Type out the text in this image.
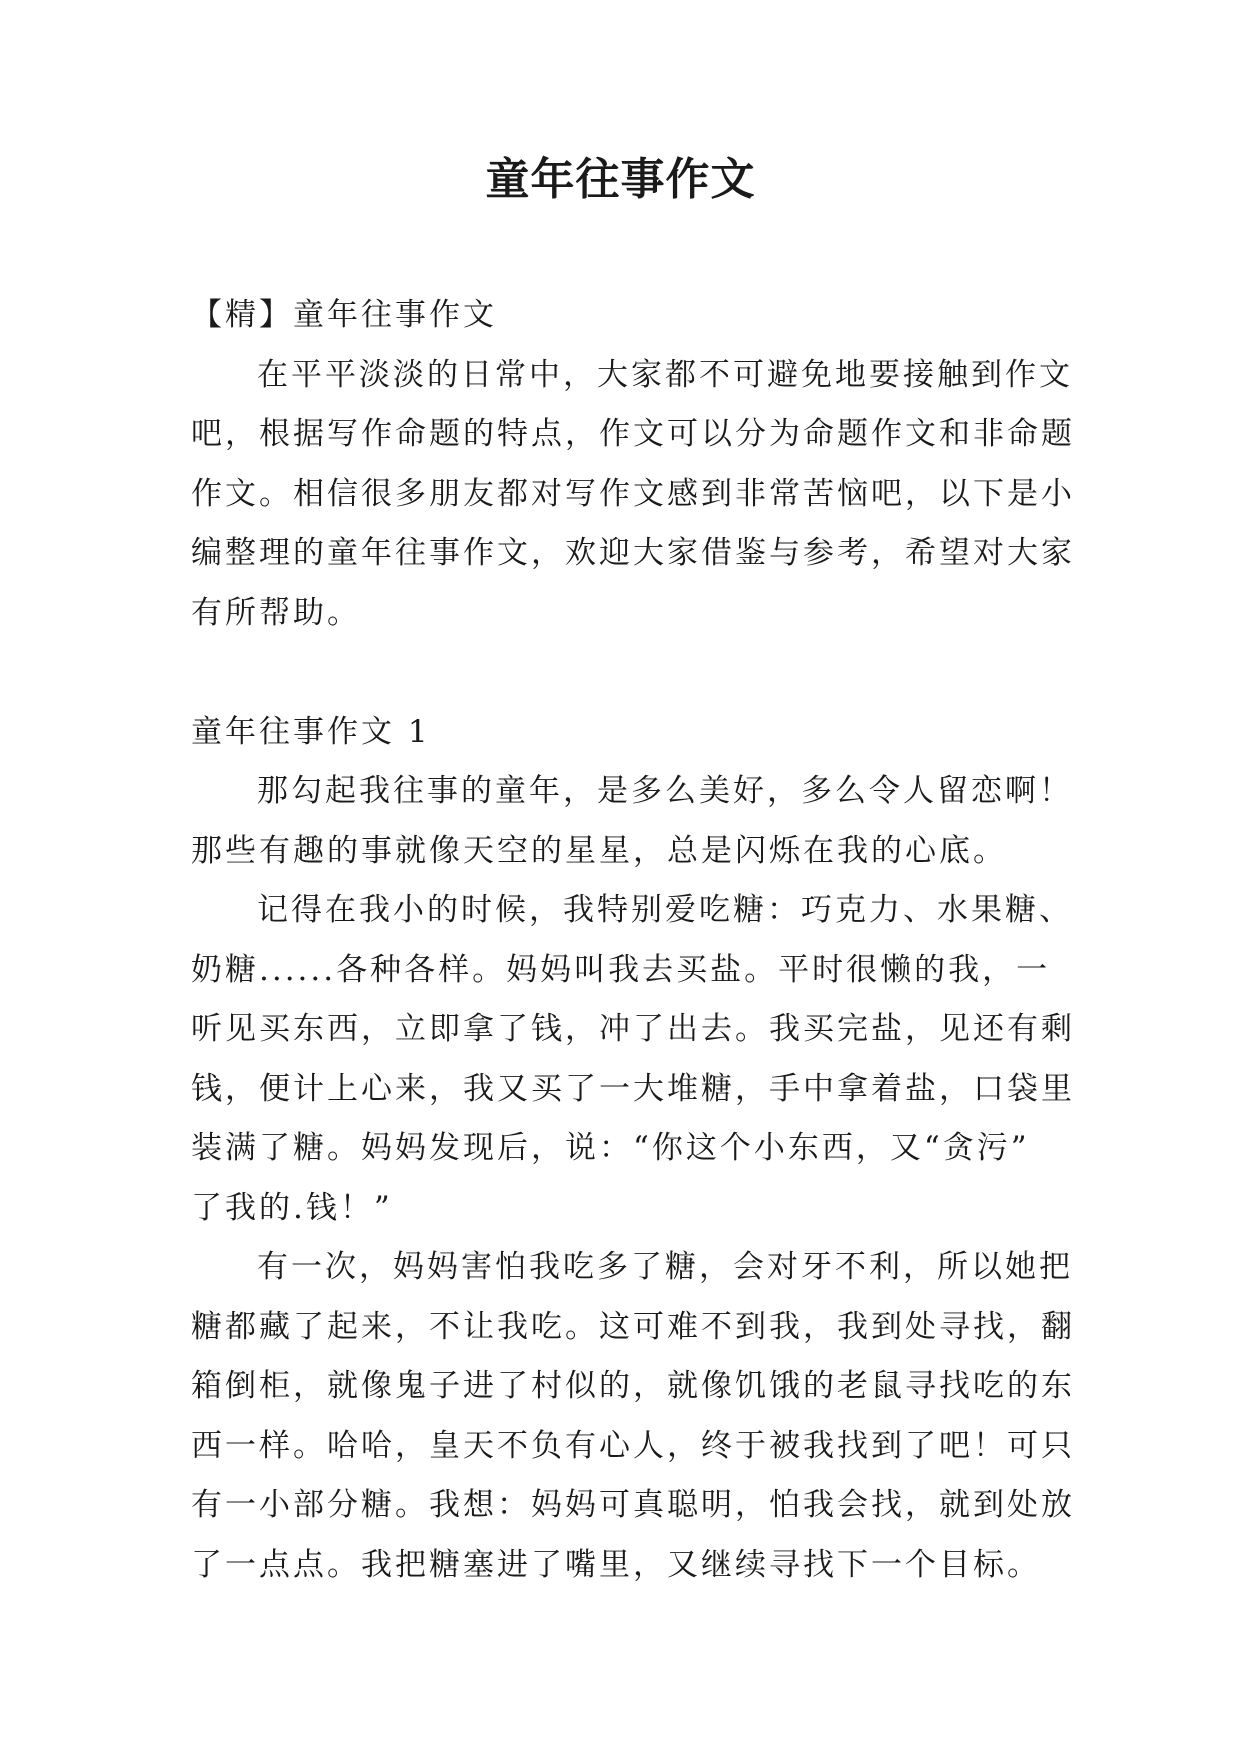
童年往事作文
【精】童年往事作文
在平平淡淡的日常中，大家都不可避免地要接触到作文
吧，根据写作命题的特点，作文可以分为命题作文和非命题
作文。相信很多朋友都对写作文感到非常苦恼吧，以下是小
编整理的童年往事作文，欢迎大家借鉴与参考，希望对大家
有所帮助。
童年往事作文 1
那勾起我往事的童年，是多么美好，多么令人留恋啊！
那些有趣的事就像天空的星星，总是闪烁在我的心底。
记得在我小的时候，我特别爱吃糖：巧克力、水果糖、
奶糖......各种各样。妈妈叫我去买盐。平时很懒的我，一
听见买东西，立即拿了钱，冲了出去。我买完盐，见还有剩
钱，便计上心来，我又买了一大堆糖，手中拿着盐，口袋里
装满了糖。妈妈发现后，说：“你这个小东西，又“贪污”
了我的.钱！”
有一次，妈妈害怕我吃多了糖，会对牙不利，所以她把
糖都藏了起来，不让我吃。这可难不到我，我到处寻找，翻
箱倒柜，就像鬼子进了村似的，就像饥饿的老鼠寻找吃的东
西一样。哈哈，皇天不负有心人，终于被我找到了吧！可只
有一小部分糖。我想：妈妈可真聪明，怕我会找，就到处放
了一点点。我把糖塞进了嘴里，又继续寻找下一个目标。
